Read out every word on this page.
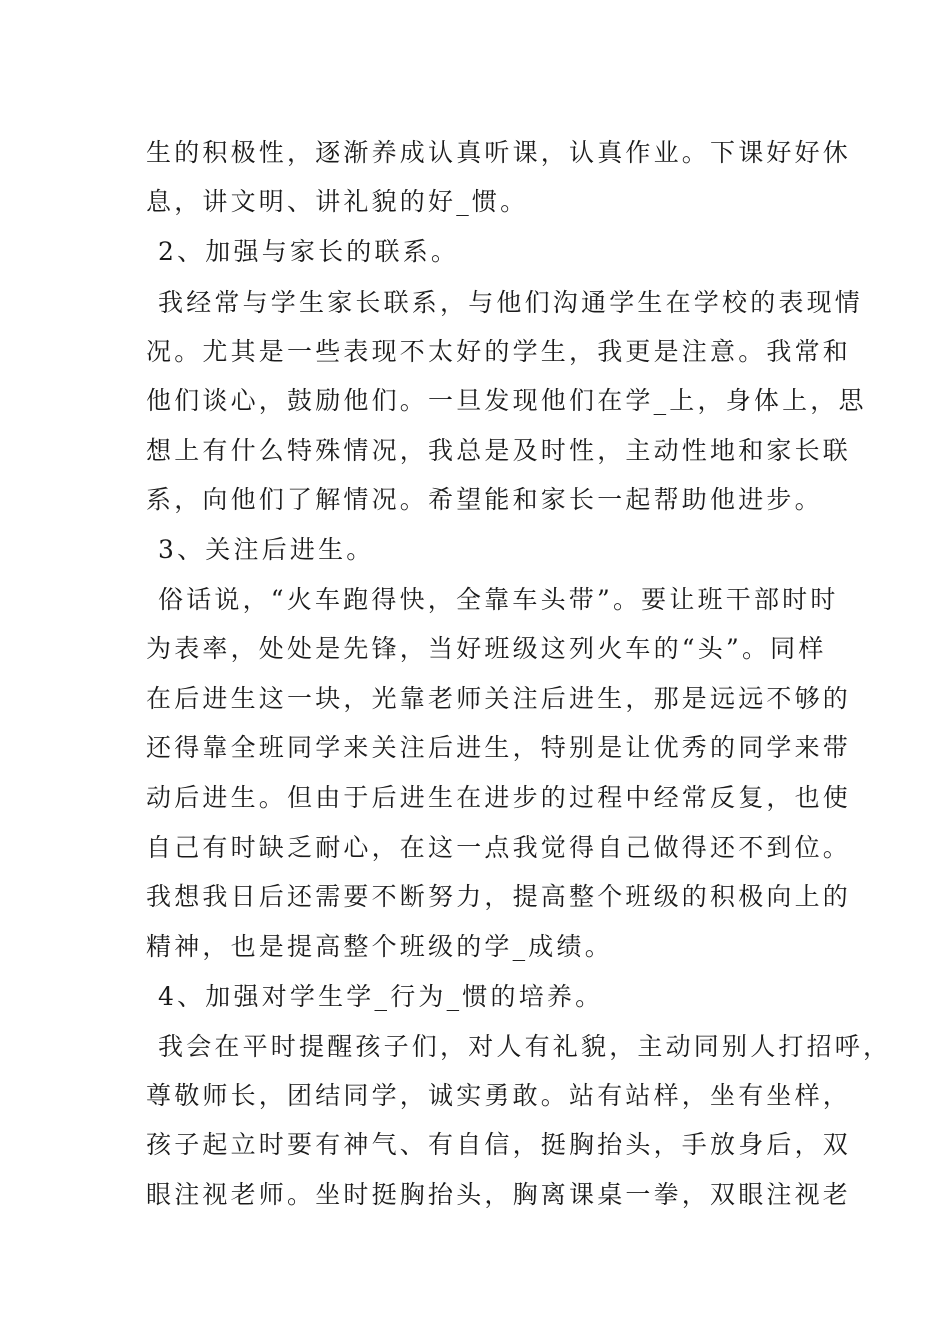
生的积极性，逐渐养成认真听课，认真作业。下课好好休
息，讲文明、讲礼貌的好_惯。
2、加强与家长的联系。
我经常与学生家长联系，与他们沟通学生在学校的表现情
况。尤其是一些表现不太好的学生，我更是注意。我常和
他们谈心，鼓励他们。一旦发现他们在学_上，身体上，思
想上有什么特殊情况，我总是及时性，主动性地和家长联
系，向他们了解情况。希望能和家长一起帮助他进步。
3、关注后进生。
俗话说，“火车跑得快，全靠车头带”。要让班干部时时
为表率，处处是先锋，当好班级这列火车的“头”。同样
在后进生这一块，光靠老师关注后进生，那是远远不够的
还得靠全班同学来关注后进生，特别是让优秀的同学来带
动后进生。但由于后进生在进步的过程中经常反复，也使
自己有时缺乏耐心，在这一点我觉得自己做得还不到位。
我想我日后还需要不断努力，提高整个班级的积极向上的
精神，也是提高整个班级的学_成绩。
4、加强对学生学_行为_惯的培养。
我会在平时提醒孩子们，对人有礼貌，主动同别人打招呼，
尊敬师长，团结同学，诚实勇敢。站有站样，坐有坐样，
孩子起立时要有神气、有自信，挺胸抬头，手放身后，双
眼注视老师。坐时挺胸抬头，胸离课桌一拳，双眼注视老
